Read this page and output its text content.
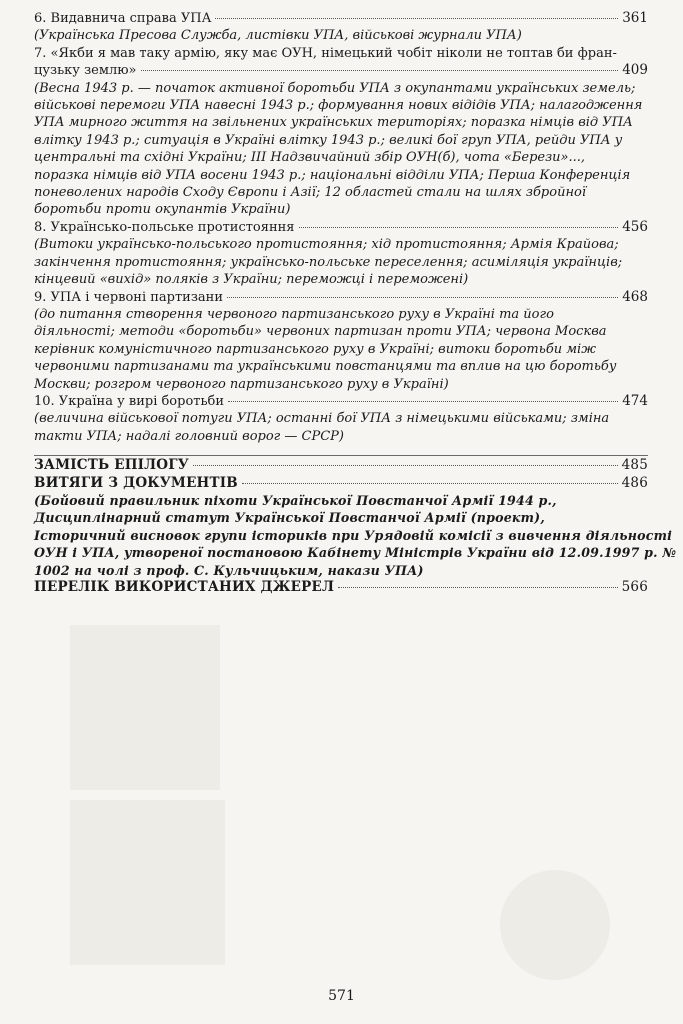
6. Видавнича справа УПА	361
(Українська Пресова Служба, листівки УПА, військові журнали УПА)
7. «Якби я мав таку армію, яку має ОУН, німецький чобіт ніколи не топтав би фран-
цузьку землю»	409
(Весна 1943 р. — початок активної боротьби УПА з окупантами українських земель;
військові перемоги УПА навесні 1943 р.; формування нових відідів УПА; налагодження
УПА мирного життя на звільнених українських територіях; поразка німців від УПА
влітку 1943 р.; ситуація в Україні влітку 1943 р.; великі бої груп УПА, рейди УПА у
центральні та східні України; III Надзвичайний збір ОУН(б), чота «Берези»...,
поразка німців від УПА восени 1943 р.; національні відділи УПА; Перша Конференція
поневолених народів Сходу Європи і Азії; 12 областей стали на шлях збройної
боротьби проти окупантів України)
8. Українсько-польське протистояння	456
(Витоки українсько-польського протистояння; хід протистояння; Армія Крайова;
закінчення протистояння; українсько-польське переселення; асиміляція українців;
кінцевий «вихід» поляків з України; переможці і переможені)
9. УПА і червоні партизани	468
(до питання створення червоного партизанського руху в Україні та його
діяльності; методи «боротьби» червоних партизан проти УПА; червона Москва
керівник комуністичного партизанського руху в Україні; витоки боротьби між
червоними партизанами та українськими повстанцями та вплив на цю боротьбу
Москви; розгром червоного партизанського руху в Україні)
10. Україна у вирі боротьби	474
(величина військової потуги УПА; останні бої УПА з німецькими військами; зміна
такти УПА; надалі головний ворог — СРСР)
ЗАМІСТЬ ЕПІЛОГУ	485
ВИТЯГИ З ДОКУМЕНТІВ	486
(Бойовий правильник піхоти Української Повстанчої Армії 1944 р.,
Дисциплінарний статут Української Повстанчої Армії (проект),
Історичний висновок групи істориків при Урядовій комісії з вивчення діяльності
ОУН і УПА, утвореної постановою Кабінету Міністрів України від 12.09.1997 р. №
1002 на чолі з проф. С. Кульчицьким, накази УПА)
ПЕРЕЛІК ВИКОРИСТАНИХ ДЖЕРЕЛ	566
571
